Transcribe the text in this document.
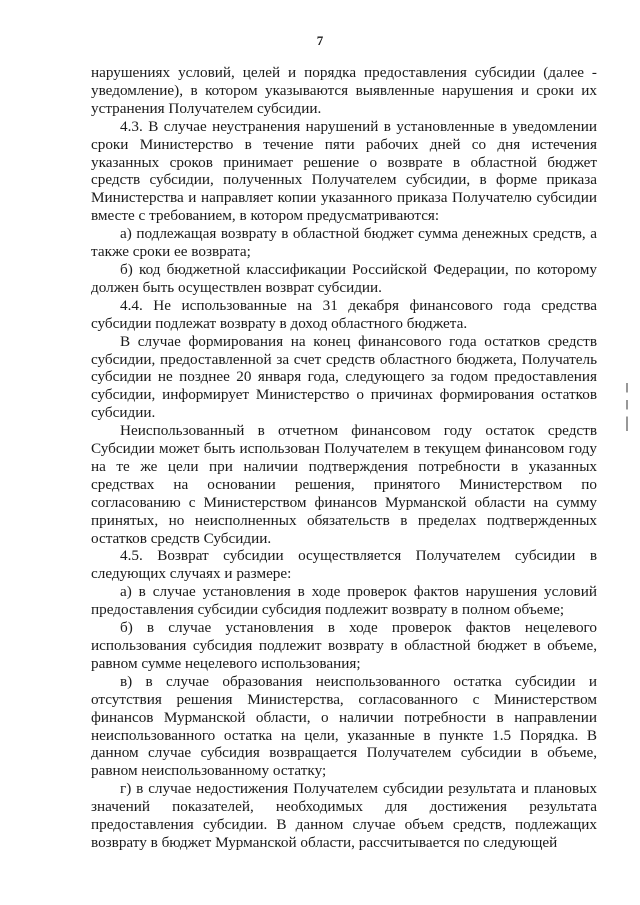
7

нарушениях условий, целей и порядка предоставления субсидии (далее - уведомление), в котором указываются выявленные нарушения и сроки их устранения Получателем субсидии.

4.3. В случае неустранения нарушений в установленные в уведомлении сроки Министерство в течение пяти рабочих дней со дня истечения указанных сроков принимает решение о возврате в областной бюджет средств субсидии, полученных Получателем субсидии, в форме приказа Министерства и направляет копии указанного приказа Получателю субсидии вместе с требованием, в котором предусматриваются:

а) подлежащая возврату в областной бюджет сумма денежных средств, а также сроки ее возврата;

б) код бюджетной классификации Российской Федерации, по которому должен быть осуществлен возврат субсидии.

4.4. Не использованные на 31 декабря финансового года средства субсидии подлежат возврату в доход областного бюджета.

В случае формирования на конец финансового года остатков средств субсидии, предоставленной за счет средств областного бюджета, Получатель субсидии не позднее 20 января года, следующего за годом предоставления субсидии, информирует Министерство о причинах формирования остатков субсидии.

Неиспользованный в отчетном финансовом году остаток средств Субсидии может быть использован Получателем в текущем финансовом году на те же цели при наличии подтверждения потребности в указанных средствах на основании решения, принятого Министерством по согласованию с Министерством финансов Мурманской области на сумму принятых, но неисполненных обязательств в пределах подтвержденных остатков средств Субсидии.

4.5. Возврат субсидии осуществляется Получателем субсидии в следующих случаях и размере:

а) в случае установления в ходе проверок фактов нарушения условий предоставления субсидии субсидия подлежит возврату в полном объеме;

б) в случае установления в ходе проверок фактов нецелевого использования субсидия подлежит возврату в областной бюджет в объеме, равном сумме нецелевого использования;

в) в случае образования неиспользованного остатка субсидии и отсутствия решения Министерства, согласованного с Министерством финансов Мурманской области, о наличии потребности в направлении неиспользованного остатка на цели, указанные в пункте 1.5 Порядка. В данном случае субсидия возвращается Получателем субсидии в объеме, равном неиспользованному остатку;

г) в случае недостижения Получателем субсидии результата и плановых значений показателей, необходимых для достижения результата предоставления субсидии. В данном случае объем средств, подлежащих возврату в бюджет Мурманской области, рассчитывается по следующей
